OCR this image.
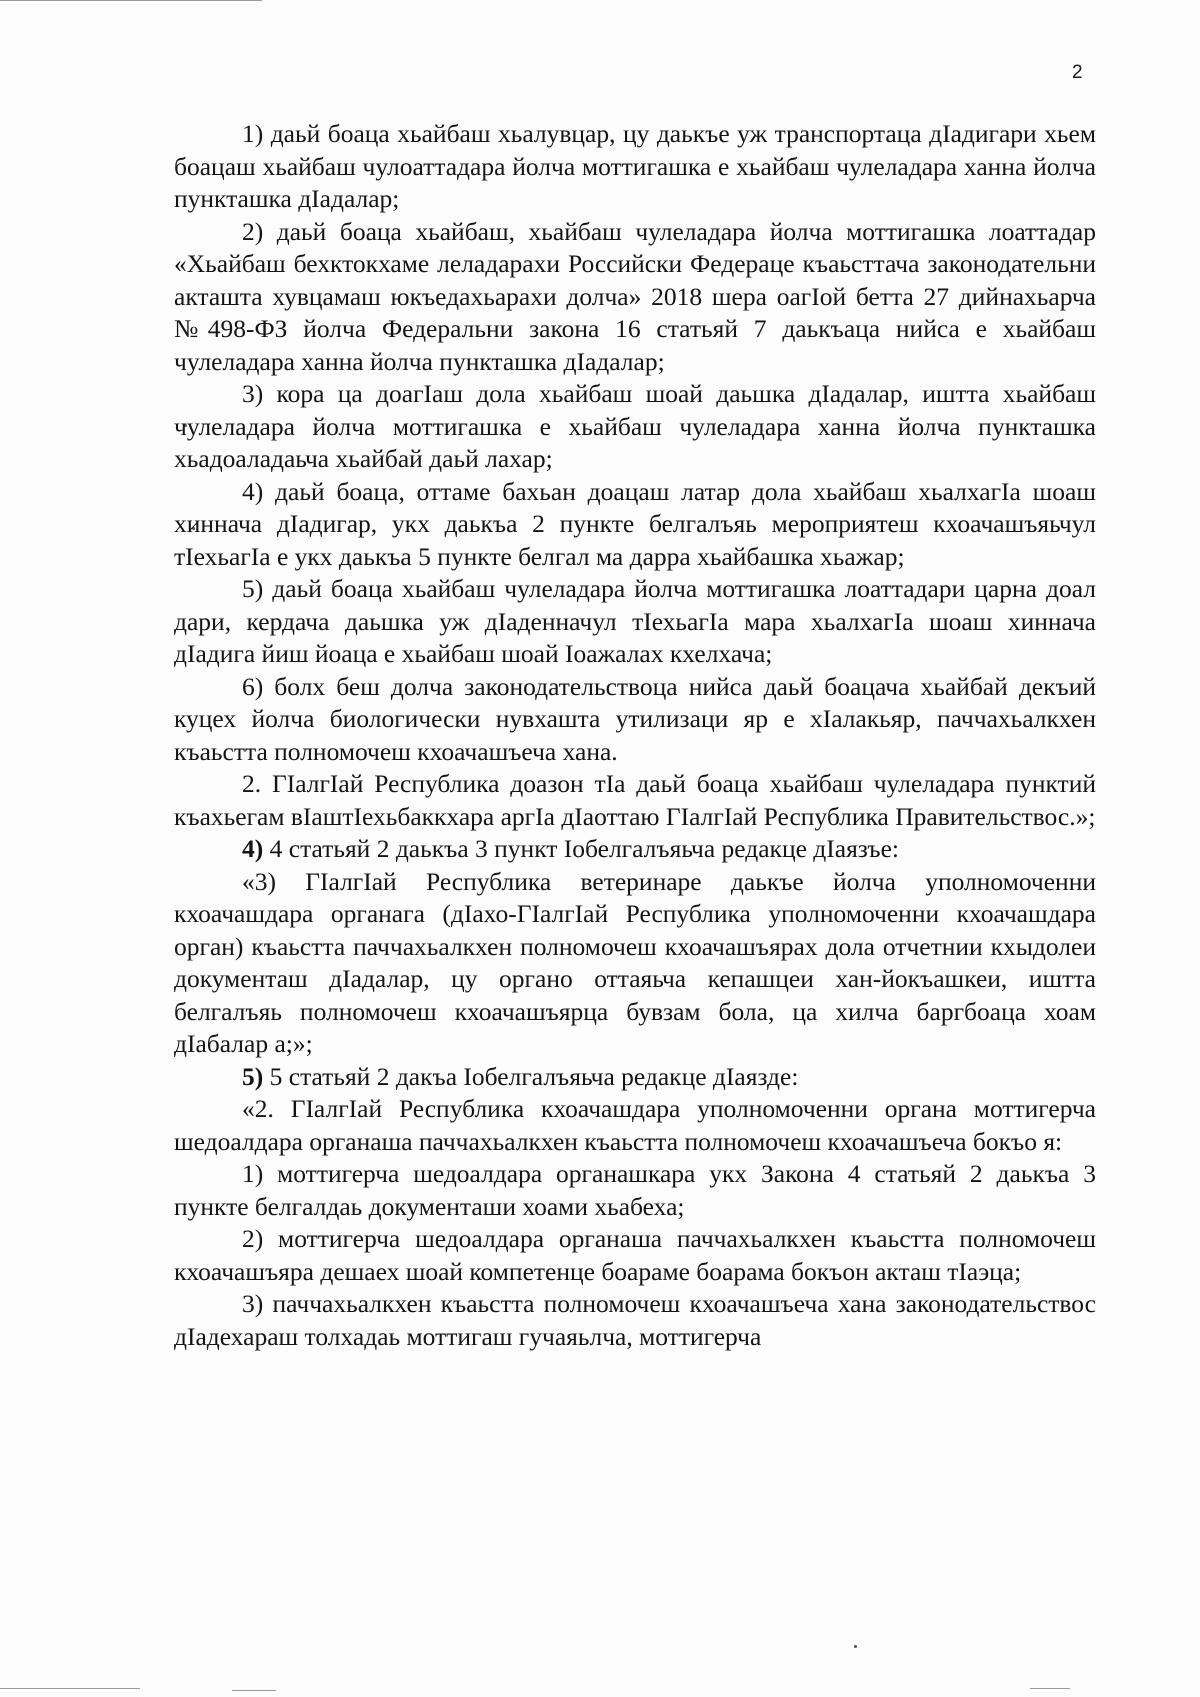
2

1) даьй боаца хьайбаш хьалувцар, цу даькъе уж транспортаца дIадигари хьем боацаш хьайбаш чулоаттадара йолча моттигашка е хьайбаш чулеладара ханна йолча пункташка дIадалар;

2) даьй боаца хьайбаш, хьайбаш чулеладара йолча моттигашка лоаттадар «Хьайбаш бехктокхаме леладарахи Российски Федераце къаьсттача законодательни акташта хувцамаш юкъедахьарахи долча» 2018 шера оагIой бетта 27 дийнахьарча №498-ФЗ йолча Федеральни закона 16 статьяй 7 даькъаца нийса е хьайбаш чулеладара ханна йолча пункташка дIадалар;

3) кора ца доагIаш дола хьайбаш шоай даьшка дIадалар, иштта хьайбаш чулеладара йолча моттигашка е хьайбаш чулеладара ханна йолча пункташка хьадоаладаьча хьайбай даьй лахар;

4) даьй боаца, оттаме бахьан доацаш латар дола хьайбаш хьалхагIа шоаш хиннача дIадигар, укх даькъа 2 пункте белгалъяь мероприятеш кхоачашъяьчул тIехьагIа е укх даькъа 5 пункте белгал ма дарра хьайбашка хьажар;

5) даьй боаца хьайбаш чулеладара йолча моттигашка лоаттадари царна доал дари, кердача даьшка уж дIаденначул тIехьагIа мара хьалхагIа шоаш хиннача дIадига йиш йоаца е хьайбаш шоай Iоажалах кхелхача;

6) болх беш долча законодательствоца нийса даьй боацача хьайбай декъий куцех йолча биологически нувхашта утилизаци яр е хIалакьяр, паччахьалкхен къаьстта полномочеш кхоачашъеча хана.

2. ГIалгIай Республика доазон тIа даьй боаца хьайбаш чулеладара пунктий къахьегам вIаштIехьбаккхара аргIа дIаоттаю ГIалгIай Республика Правительствос.»;

4) 4 статьяй 2 даькъа 3 пункт Iобелгалъяьча редакце дIаязъе:

«3) ГIалгIай Республика ветеринаре даькъе йолча уполномоченни кхоачашдара органага (дIахо-ГIалгIай Республика уполномоченни кхоачашдара орган) къаьстта паччахьалкхен полномочеш кхоачашъярах дола отчетнии кхыдолеи документаш дIадалар, цу органо оттаяьча кепашцеи хан-йокъашкеи, иштта белгалъяь полномочеш кхоачашъярца бувзам бола, ца хилча баргбоаца хоам дIабалар а;»;

5) 5 статьяй 2 дакъа Iобелгалъяьча редакце дIаязде:

«2. ГIалгIай Республика кхоачашдара уполномоченни органа моттигерча шедоалдара органаша паччахьалкхен къаьстта полномочеш кхоачашъеча бокъо я:

1) моттигерча шедоалдара органашкара укх Закона 4 статьяй 2 даькъа 3 пункте белгалдаь документаши хоами хьабеха;

2) моттигерча шедоалдара органаша паччахьалкхен къаьстта полномочеш кхоачашъяра дешаех шоай компетенце боараме боарама бокъон акташ тIаэца;

3) паччахьалкхен къаьстта полномочеш кхоачашъеча хана законодательствос дIадехараш толхадаь моттигаш гучаяьлча, моттигерча
